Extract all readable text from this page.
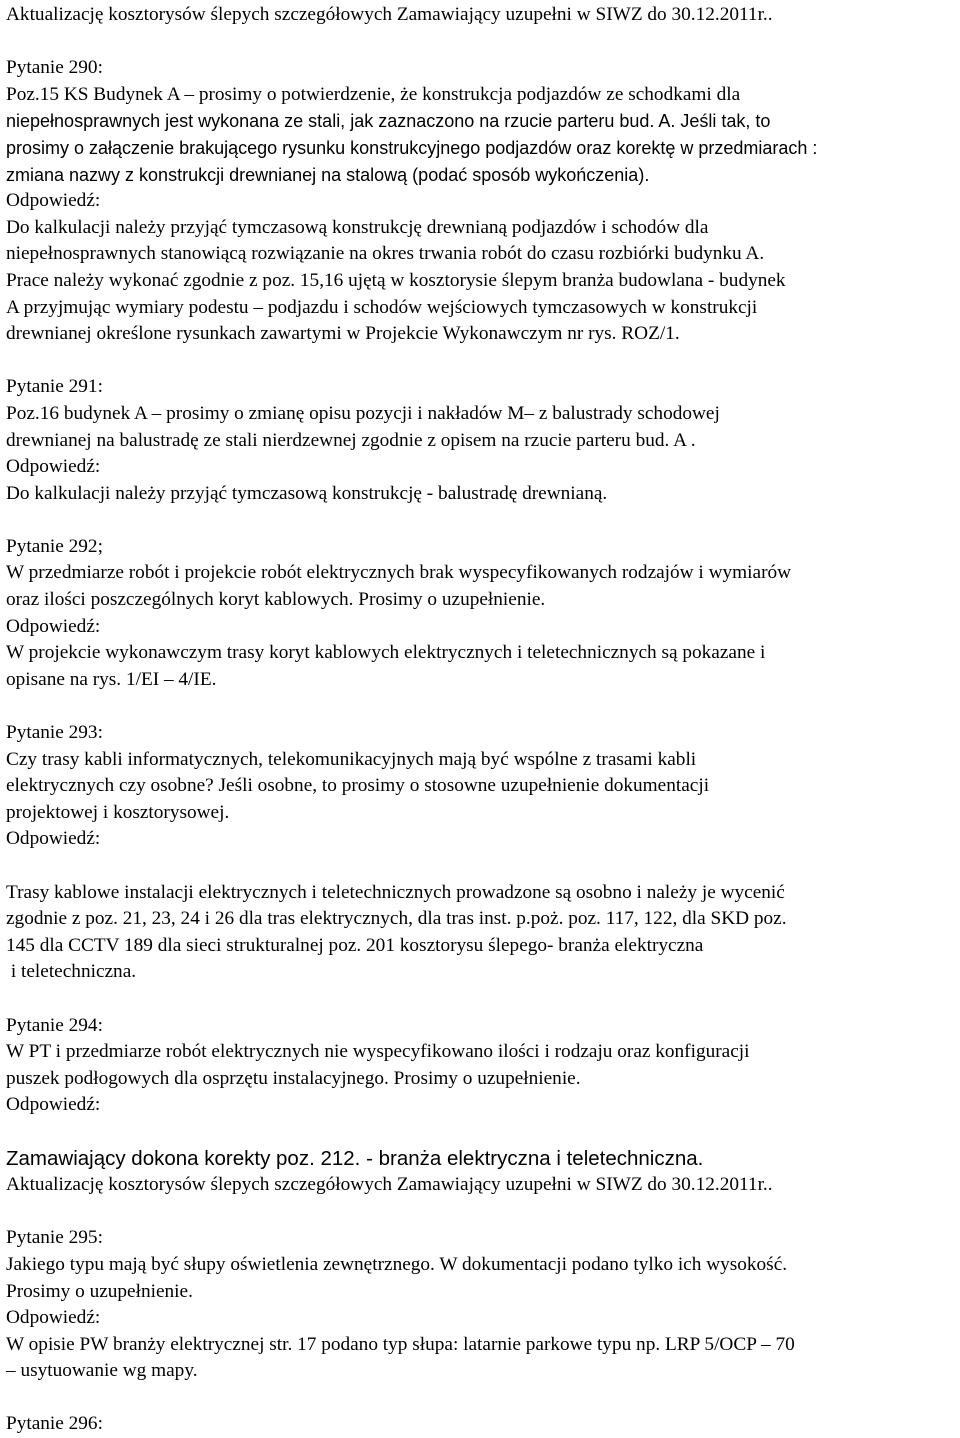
Aktualizację kosztorysów ślepych szczegółowych Zamawiający uzupełni w SIWZ do 30.12.2011r..
Pytanie 290:
Poz.15 KS Budynek A – prosimy o potwierdzenie, że konstrukcja podjazdów ze schodkami dla
niepełnosprawnych jest wykonana ze stali, jak zaznaczono na rzucie parteru bud. A. Jeśli tak, to
prosimy o załączenie brakującego rysunku konstrukcyjnego podjazdów oraz korektę w przedmiarach :
zmiana nazwy z konstrukcji drewnianej na stalową (podać sposób wykończenia).
Odpowiedź:
Do kalkulacji należy przyjąć tymczasową konstrukcję drewnianą podjazdów i schodów dla
niepełnosprawnych stanowiącą rozwiązanie na okres trwania robót do czasu rozbiórki budynku A.
Prace należy wykonać zgodnie z poz. 15,16 ujętą w kosztorysie ślepym branża budowlana - budynek
A przyjmując wymiary podestu – podjazdu i schodów wejściowych tymczasowych w konstrukcji
drewnianej określone rysunkach zawartymi w Projekcie Wykonawczym nr rys. ROZ/1.
Pytanie 291:
Poz.16 budynek A – prosimy o zmianę opisu pozycji i nakładów M– z balustrady schodowej
drewnianej na balustradę ze stali nierdzewnej zgodnie z opisem na rzucie parteru bud. A .
Odpowiedź:
Do kalkulacji należy przyjąć tymczasową konstrukcję - balustradę drewnianą.
Pytanie 292;
W przedmiarze robót i projekcie robót elektrycznych brak wyspecyfikowanych rodzajów i wymiarów
oraz ilości poszczególnych koryt kablowych. Prosimy o uzupełnienie.
Odpowiedź:
W projekcie wykonawczym trasy koryt kablowych elektrycznych i teletechnicznych są pokazane i
opisane na rys. 1/EI – 4/IE.
Pytanie 293:
Czy trasy kabli informatycznych, telekomunikacyjnych mają być wspólne z trasami kabli
elektrycznych czy osobne? Jeśli osobne, to prosimy o stosowne uzupełnienie dokumentacji
projektowej i kosztorysowej.
Odpowiedź:
Trasy kablowe instalacji elektrycznych i teletechnicznych prowadzone są osobno i należy je wycenić
zgodnie z poz. 21, 23, 24 i 26 dla tras elektrycznych, dla tras inst. p.poż. poz. 117, 122, dla SKD poz.
145 dla CCTV 189 dla sieci strukturalnej poz. 201 kosztorysu ślepego- branża elektryczna
i teletechniczna.
Pytanie 294:
W PT i przedmiarze robót elektrycznych nie wyspecyfikowano ilości i rodzaju oraz konfiguracji
puszek podłogowych dla osprzętu instalacyjnego. Prosimy o uzupełnienie.
Odpowiedź:
Zamawiający dokona korekty poz. 212. - branża elektryczna i teletechniczna.
Aktualizację kosztorysów ślepych szczegółowych Zamawiający uzupełni w SIWZ do 30.12.2011r..
Pytanie 295:
Jakiego typu mają być słupy oświetlenia zewnętrznego. W dokumentacji podano tylko ich wysokość.
Prosimy o uzupełnienie.
Odpowiedź:
W opisie PW branży elektrycznej str. 17 podano typ słupa: latarnie parkowe typu np. LRP 5/OCP – 70
– usytuowanie wg mapy.
Pytanie 296:
